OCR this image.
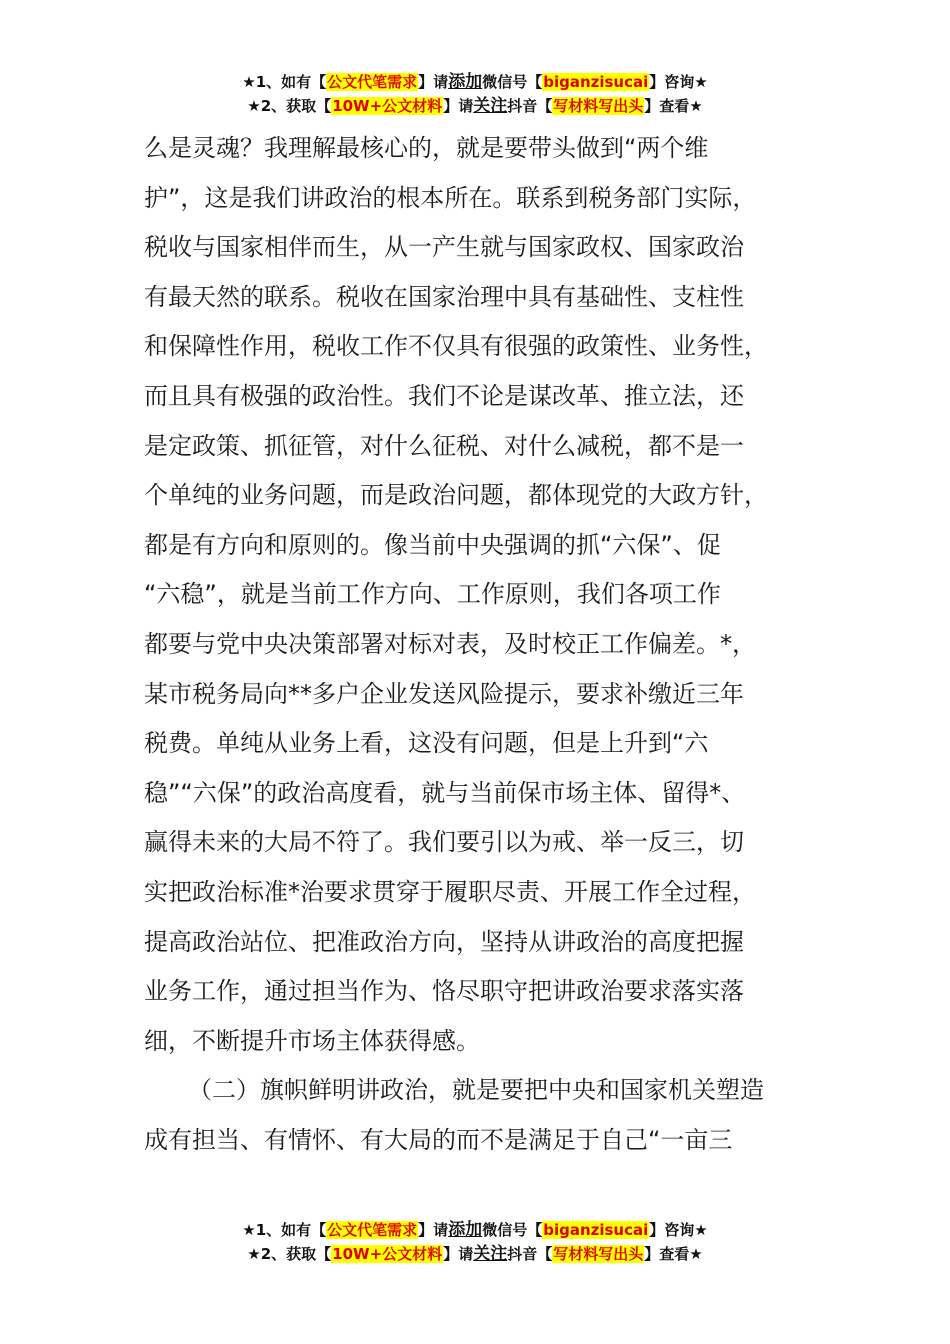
★1、如有【公文代笔需求】请添加微信号【biganzisucai】咨询★
★2、获取【10W+公文材料】请关注抖音【写材料写出头】查看★
么是灵魂？我理解最核心的，就是要带头做到“两个维
护”，这是我们讲政治的根本所在。联系到税务部门实际，
税收与国家相伴而生，从一产生就与国家政权、国家政治
有最天然的联系。税收在国家治理中具有基础性、支柱性
和保障性作用，税收工作不仅具有很强的政策性、业务性，
而且具有极强的政治性。我们不论是谋改革、推立法，还
是定政策、抓征管，对什么征税、对什么减税，都不是一
个单纯的业务问题，而是政治问题，都体现党的大政方针，
都是有方向和原则的。像当前中央强调的抓“六保”、促
“六稳”，就是当前工作方向、工作原则，我们各项工作
都要与党中央决策部署对标对表，及时校正工作偏差。*，
某市税务局向**多户企业发送风险提示，要求补缴近三年
税费。单纯从业务上看，这没有问题，但是上升到“六
稳”“六保”的政治高度看，就与当前保市场主体、留得*、
赢得未来的大局不符了。我们要引以为戒、举一反三，切
实把政治标准*治要求贯穿于履职尽责、开展工作全过程，
提高政治站位、把准政治方向，坚持从讲政治的高度把握
业务工作，通过担当作为、恪尽职守把讲政治要求落实落
细，不断提升市场主体获得感。
（二）旗帜鲜明讲政治，就是要把中央和国家机关塑造
成有担当、有情怀、有大局的而不是满足于自己“一亩三
★1、如有【公文代笔需求】请添加微信号【biganzisucai】咨询★
★2、获取【10W+公文材料】请关注抖音【写材料写出头】查看★
